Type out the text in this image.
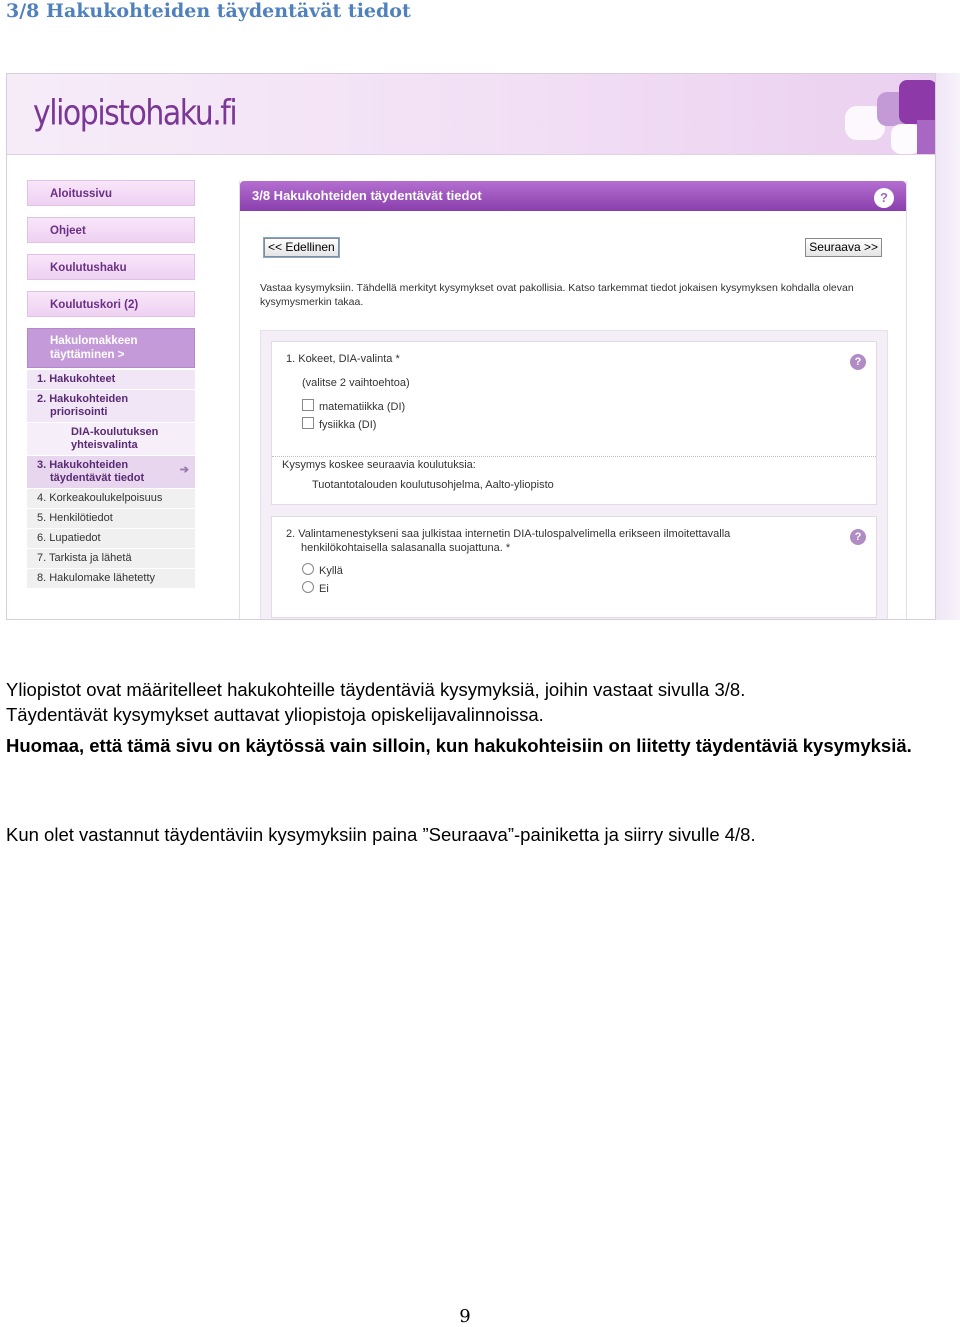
3/8 Hakukohteiden täydentävät tiedot
yliopistohaku.fi
Aloitussivu
Ohjeet
Koulutushaku
Koulutuskori (2)
Hakulomakkeen
täyttäminen >
1. Hakukohteet
2. Hakukohteiden
priorisointi
DIA-koulutuksen
yhteisvalinta
3. Hakukohteiden
täydentävät tiedot
➔
4. Korkeakoulukelpoisuus
5. Henkilötiedot
6. Lupatiedot
7. Tarkista ja lähetä
8. Hakulomake lähetetty
3/8 Hakukohteiden täydentävät tiedot	?
<< Edellinen	Seuraava >>
Vastaa kysymyksiin. Tähdellä merkityt kysymykset ovat pakollisia. Katso tarkemmat tiedot jokaisen kysymyksen kohdalla olevan kysymysmerkin takaa.
1. Kokeet, DIA-valinta *	?
(valitse 2 vaihtoehtoa)
matematiikka (DI)
fysiikka (DI)
Kysymys koskee seuraavia koulutuksia:
Tuotantotalouden koulutusohjelma, Aalto-yliopisto
2. Valintamenestykseni saa julkistaa internetin DIA-tulospalvelimella erikseen ilmoitettavalla
henkilökohtaisella salasanalla suojattuna. *
?
Kyllä
Ei
Yliopistot ovat määritelleet hakukohteille täydentäviä kysymyksiä, joihin vastaat sivulla 3/8.
Täydentävät kysymykset auttavat yliopistoja opiskelijavalinnoissa.
Huomaa, että tämä sivu on käytössä vain silloin, kun hakukohteisiin on liitetty täydentäviä kysymyksiä.
Kun olet vastannut täydentäviin kysymyksiin paina ”Seuraava”-painiketta ja siirry sivulle 4/8.
9
